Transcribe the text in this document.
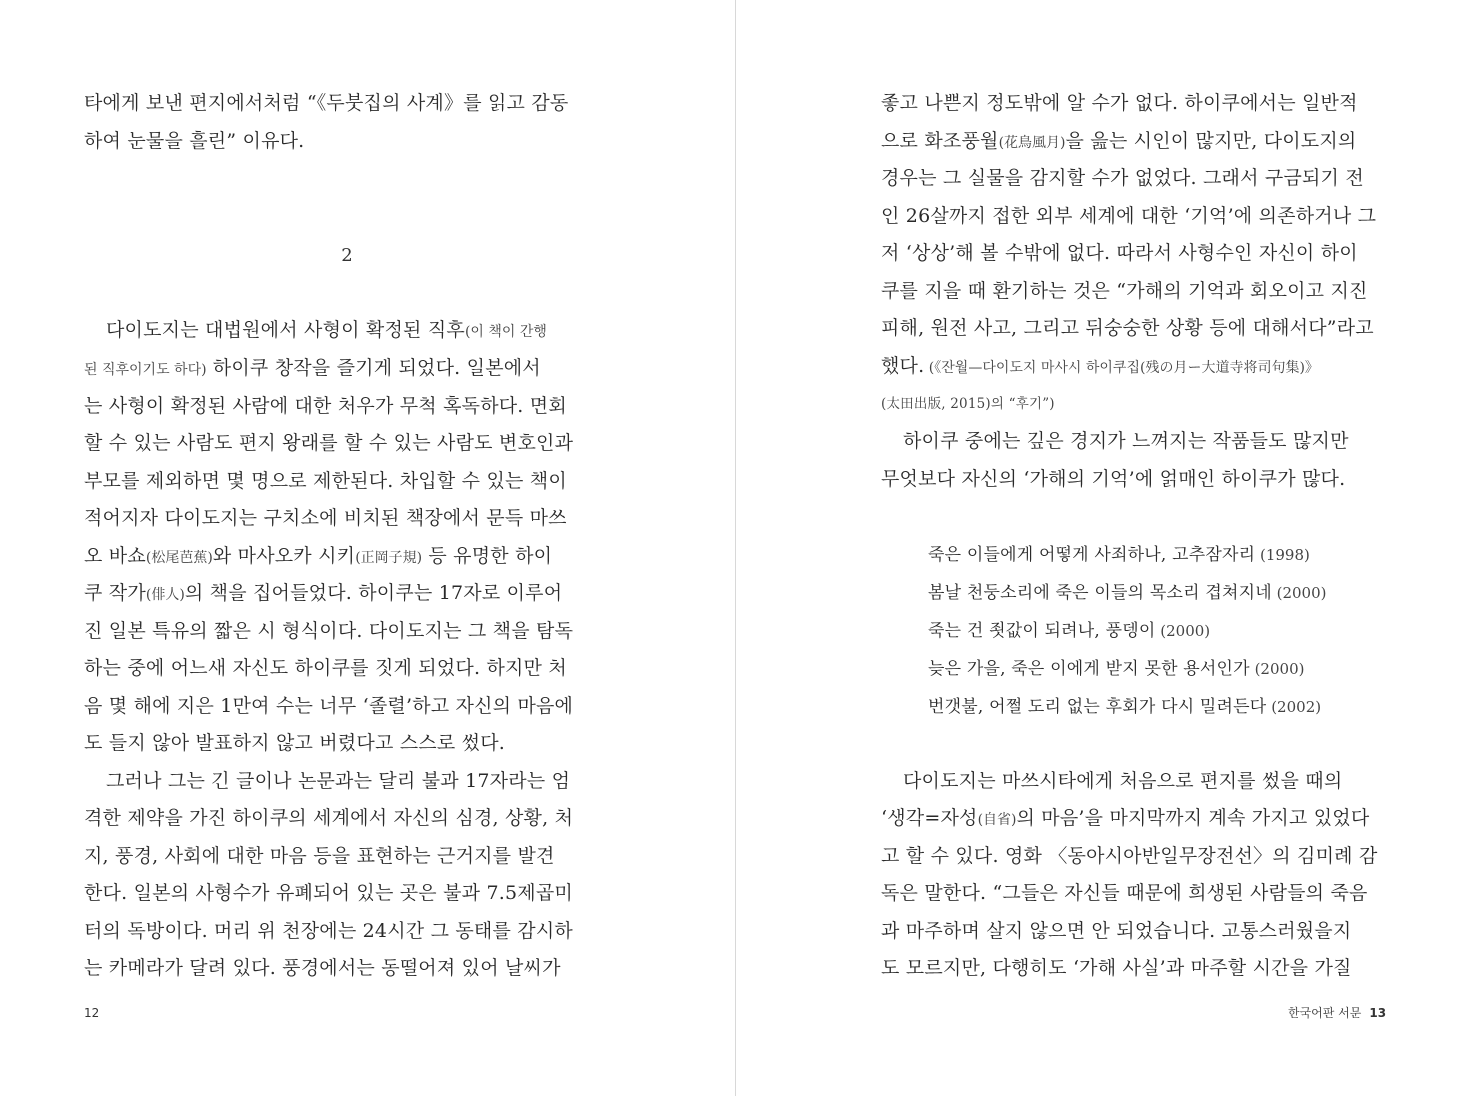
타에게 보낸 편지에서처럼 “《두붓집의 사계》를 읽고 감동
하여 눈물을 흘린” 이유다.
2
다이도지는 대법원에서 사형이 확정된 직후(이 책이 간행
된 직후이기도 하다) 하이쿠 창작을 즐기게 되었다. 일본에서
는 사형이 확정된 사람에 대한 처우가 무척 혹독하다. 면회
할 수 있는 사람도 편지 왕래를 할 수 있는 사람도 변호인과
부모를 제외하면 몇 명으로 제한된다. 차입할 수 있는 책이
적어지자 다이도지는 구치소에 비치된 책장에서 문득 마쓰
오 바쇼(松尾芭蕉)와 마사오카 시키(正岡子規) 등 유명한 하이
쿠 작가(俳人)의 책을 집어들었다. 하이쿠는 17자로 이루어
진 일본 특유의 짧은 시 형식이다. 다이도지는 그 책을 탐독
하는 중에 어느새 자신도 하이쿠를 짓게 되었다. 하지만 처
음 몇 해에 지은 1만여 수는 너무 ‘졸렬’하고 자신의 마음에
도 들지 않아 발표하지 않고 버렸다고 스스로 썼다.
그러나 그는 긴 글이나 논문과는 달리 불과 17자라는 엄
격한 제약을 가진 하이쿠의 세계에서 자신의 심경, 상황, 처
지, 풍경, 사회에 대한 마음 등을 표현하는 근거지를 발견
한다. 일본의 사형수가 유폐되어 있는 곳은 불과 7.5제곱미
터의 독방이다. 머리 위 천장에는 24시간 그 동태를 감시하
는 카메라가 달려 있다. 풍경에서는 동떨어져 있어 날씨가
12
좋고 나쁜지 정도밖에 알 수가 없다. 하이쿠에서는 일반적
으로 화조풍월(花鳥風月)을 읊는 시인이 많지만, 다이도지의
경우는 그 실물을 감지할 수가 없었다. 그래서 구금되기 전
인 26살까지 접한 외부 세계에 대한 ‘기억’에 의존하거나 그
저 ‘상상’해 볼 수밖에 없다. 따라서 사형수인 자신이 하이
쿠를 지을 때 환기하는 것은 “가해의 기억과 회오이고 지진
피해, 원전 사고, 그리고 뒤숭숭한 상황 등에 대해서다”라고
했다. (《잔월—다이도지 마사시 하이쿠집(残の月ー大道寺将司句集)》
(太田出版, 2015)의 “후기”)
하이쿠 중에는 깊은 경지가 느껴지는 작품들도 많지만
무엇보다 자신의 ‘가해의 기억’에 얽매인 하이쿠가 많다.
죽은 이들에게 어떻게 사죄하나, 고추잠자리 (1998)
봄날 천둥소리에 죽은 이들의 목소리 겹쳐지네 (2000)
죽는 건 죗값이 되려나, 풍뎅이 (2000)
늦은 가을, 죽은 이에게 받지 못한 용서인가 (2000)
번갯불, 어쩔 도리 없는 후회가 다시 밀려든다 (2002)
다이도지는 마쓰시타에게 처음으로 편지를 썼을 때의
‘생각=자성(自省)의 마음’을 마지막까지 계속 가지고 있었다
고 할 수 있다. 영화 〈동아시아반일무장전선〉의 김미례 감
독은 말한다. “그들은 자신들 때문에 희생된 사람들의 죽음
과 마주하며 살지 않으면 안 되었습니다. 고통스러웠을지
도 모르지만, 다행히도 ‘가해 사실’과 마주할 시간을 가질
한국어판 서문 13
